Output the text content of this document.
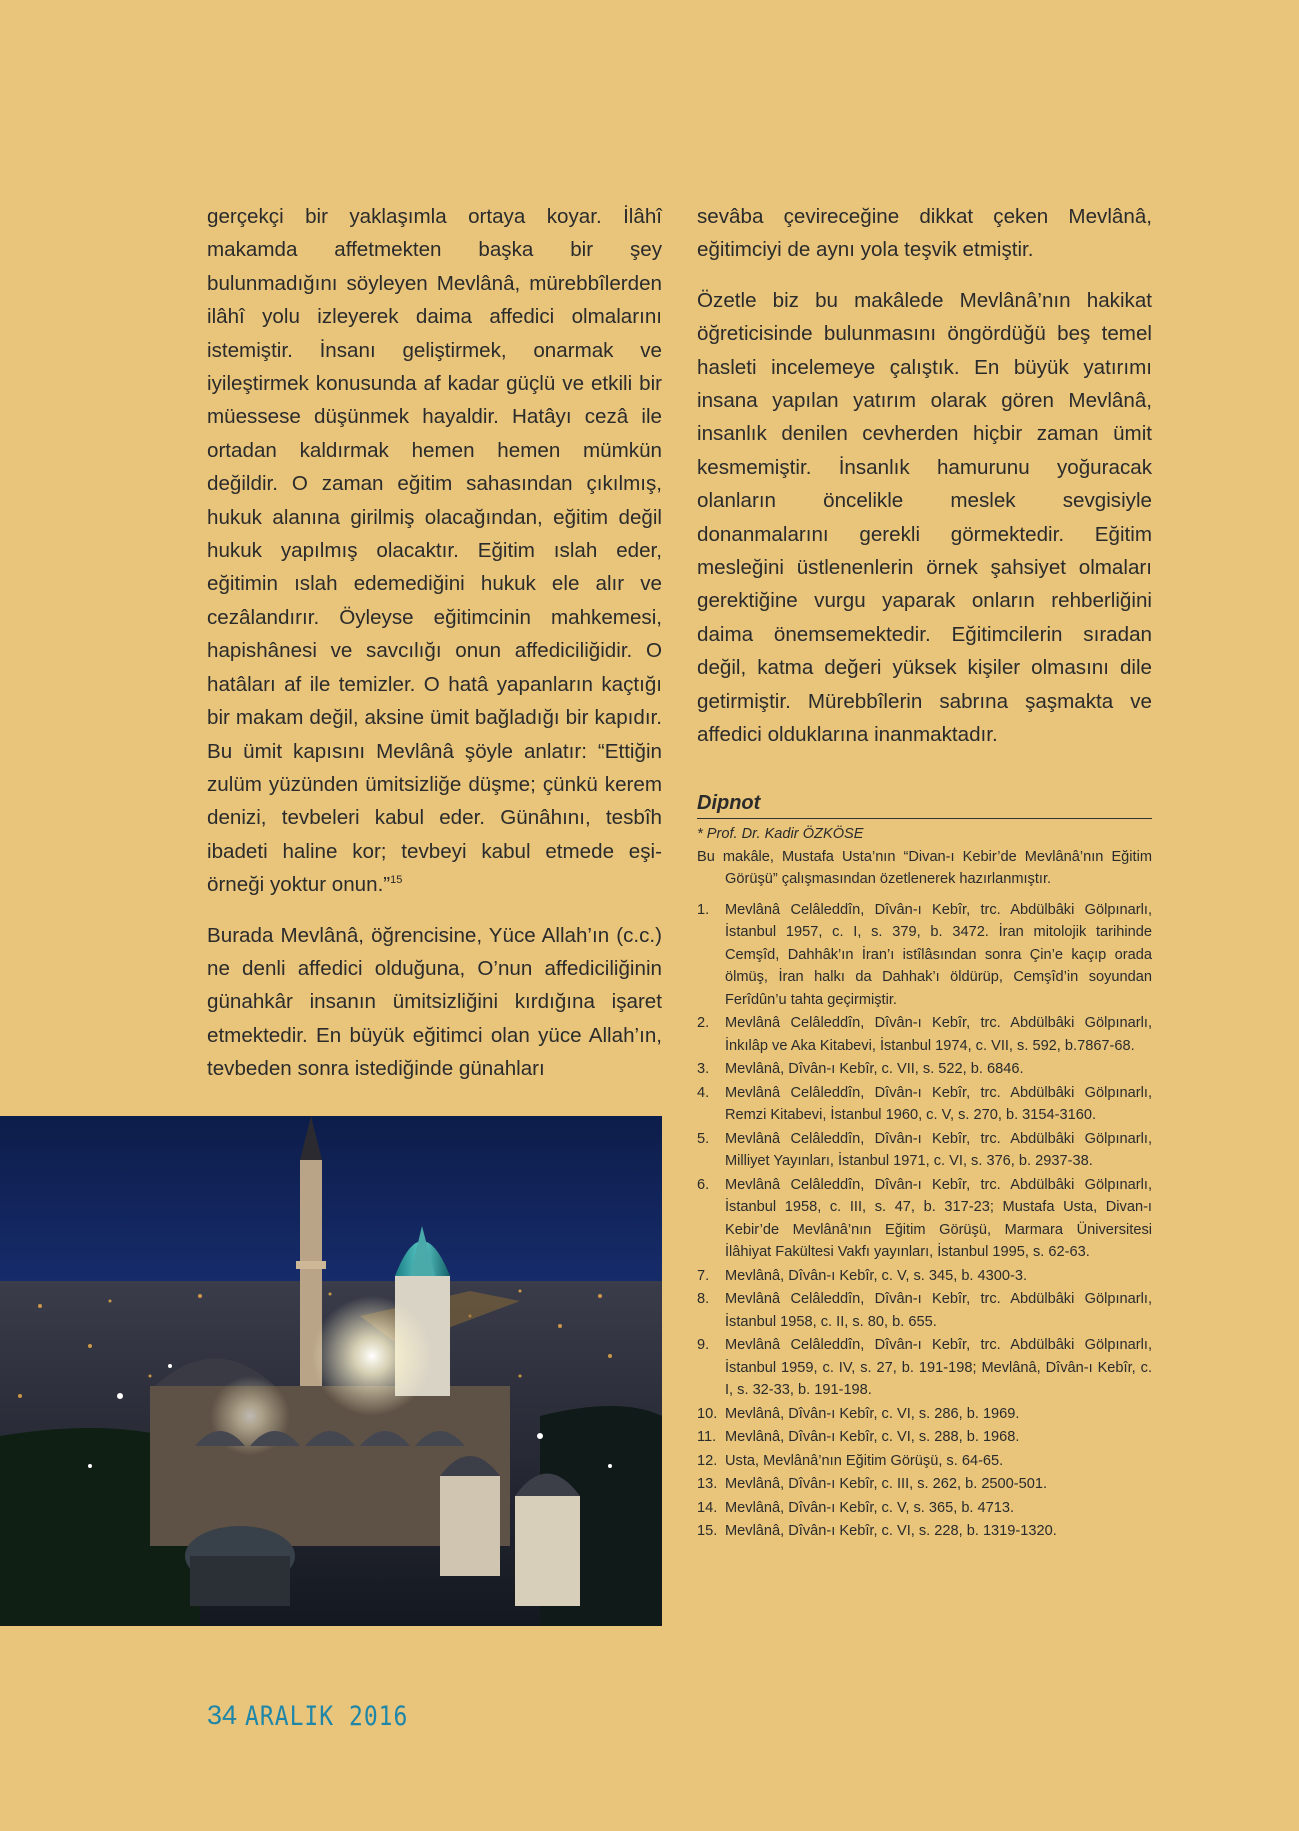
gerçekçi bir yaklaşımla ortaya koyar. İlâhî makamda affetmekten başka bir şey bulunmadığını söyleyen Mevlânâ, mürebbîlerden ilâhî yolu izleyerek daima affedici olmalarını istemiştir. İnsanı geliştirmek, onarmak ve iyileştirmek konusunda af kadar güçlü ve etkili bir müessese düşünmek hayaldir. Hatâyı cezâ ile ortadan kaldırmak hemen hemen mümkün değildir. O zaman eğitim sahasından çıkılmış, hukuk alanına girilmiş olacağından, eğitim değil hukuk yapılmış olacaktır. Eğitim ıslah eder, eğitimin ıslah edemediğini hukuk ele alır ve cezâlandırır. Öyleyse eğitimcinin mahkemesi, hapishânesi ve savcılığı onun affediciliğidir. O hatâları af ile temizler. O hatâ yapanların kaçtığı bir makam değil, aksine ümit bağladığı bir kapıdır. Bu ümit kapısını Mevlânâ şöyle anlatır: “Ettiğin zulüm yüzünden ümitsizliğe düşme; çünkü kerem denizi, tevbeleri kabul eder. Günâhını, tesbîh ibadeti haline kor; tevbeyi kabul etmede eşi-örneği yoktur onun.”$^{15}$

Burada Mevlânâ, öğrencisine, Yüce Allah’ın (c.c.) ne denli affedici olduğuna, O’nun affediciliğinin günahkâr insanın ümitsizliğini kırdığına işaret etmektedir. En büyük eğitimci olan yüce Allah’ın, tevbeden sonra istediğinde günahları

sevâba çevireceğine dikkat çeken Mevlânâ, eğitimciyi de aynı yola teşvik etmiştir.

Özetle biz bu makâlede Mevlânâ’nın hakikat öğreticisinde bulunmasını öngördüğü beş temel hasleti incelemeye çalıştık. En büyük yatırımı insana yapılan yatırım olarak gören Mevlânâ, insanlık denilen cevherden hiçbir zaman ümit kesmemiştir. İnsanlık hamurunu yoğuracak olanların öncelikle meslek sevgisiyle donanmalarını gerekli görmektedir. Eğitim mesleğini üstlenenlerin örnek şahsiyet olmaları gerektiğine vurgu yaparak onların rehberliğini daima önemsemektedir. Eğitimcilerin sıradan değil, katma değeri yüksek kişiler olmasını dile getirmiştir. Mürebbîlerin sabrına şaşmakta ve affedici olduklarına inanmaktadır.

Dipnot
* Prof. Dr. Kadir ÖZKÖSE
Bu makâle, Mustafa Usta’nın “Divan-ı Kebir’de Mevlânâ’nın Eğitim Görüşü” çalışmasından özetlenerek hazırlanmıştır.
1.	Mevlânâ Celâleddîn, Dîvân-ı Kebîr, trc. Abdülbâki Gölpınarlı, İstanbul 1957, c. I, s. 379, b. 3472. İran mitolojik tarihinde Cemşîd, Dahhâk’ın İran’ı istîlâsından sonra Çin’e kaçıp orada ölmüş, İran halkı da Dahhak’ı öldürüp, Cemşîd’in soyundan Ferîdûn’u tahta geçirmiştir.
2.	Mevlânâ Celâleddîn, Dîvân-ı Kebîr, trc. Abdülbâki Gölpınarlı, İnkılâp ve Aka Kitabevi, İstanbul 1974, c. VII, s. 592, b.7867-68.
3.	Mevlânâ, Dîvân-ı Kebîr, c. VII, s. 522, b. 6846.
4.	Mevlânâ Celâleddîn, Dîvân-ı Kebîr, trc. Abdülbâki Gölpınarlı, Remzi Kitabevi, İstanbul 1960, c. V, s. 270, b. 3154-3160.
5.	Mevlânâ Celâleddîn, Dîvân-ı Kebîr, trc. Abdülbâki Gölpınarlı, Milliyet Yayınları, İstanbul 1971, c. VI, s. 376, b. 2937-38.
6.	Mevlânâ Celâleddîn, Dîvân-ı Kebîr, trc. Abdülbâki Gölpınarlı, İstanbul 1958, c. III, s. 47, b. 317-23; Mustafa Usta, Divan-ı Kebir’de Mevlânâ’nın Eğitim Görüşü, Marmara Üniversitesi İlâhiyat Fakültesi Vakfı yayınları, İstanbul 1995, s. 62-63.
7.	Mevlânâ, Dîvân-ı Kebîr, c. V, s. 345, b. 4300-3.
8.	Mevlânâ Celâleddîn, Dîvân-ı Kebîr, trc. Abdülbâki Gölpınarlı, İstanbul 1958, c. II, s. 80, b. 655.
9.	Mevlânâ Celâleddîn, Dîvân-ı Kebîr, trc. Abdülbâki Gölpınarlı, İstanbul 1959, c. IV, s. 27, b. 191-198; Mevlânâ, Dîvân-ı Kebîr, c. I, s. 32-33, b. 191-198.
10. Mevlânâ, Dîvân-ı Kebîr, c. VI, s. 286, b. 1969.
11. Mevlânâ, Dîvân-ı Kebîr, c. VI, s. 288, b. 1968.
12. Usta, Mevlânâ’nın Eğitim Görüşü, s. 64-65.
13. Mevlânâ, Dîvân-ı Kebîr, c. III, s. 262, b. 2500-501.
14. Mevlânâ, Dîvân-ı Kebîr, c. V, s. 365, b. 4713.
15. Mevlânâ, Dîvân-ı Kebîr, c. VI, s. 228, b. 1319-1320.
34 ARALIK 2016
